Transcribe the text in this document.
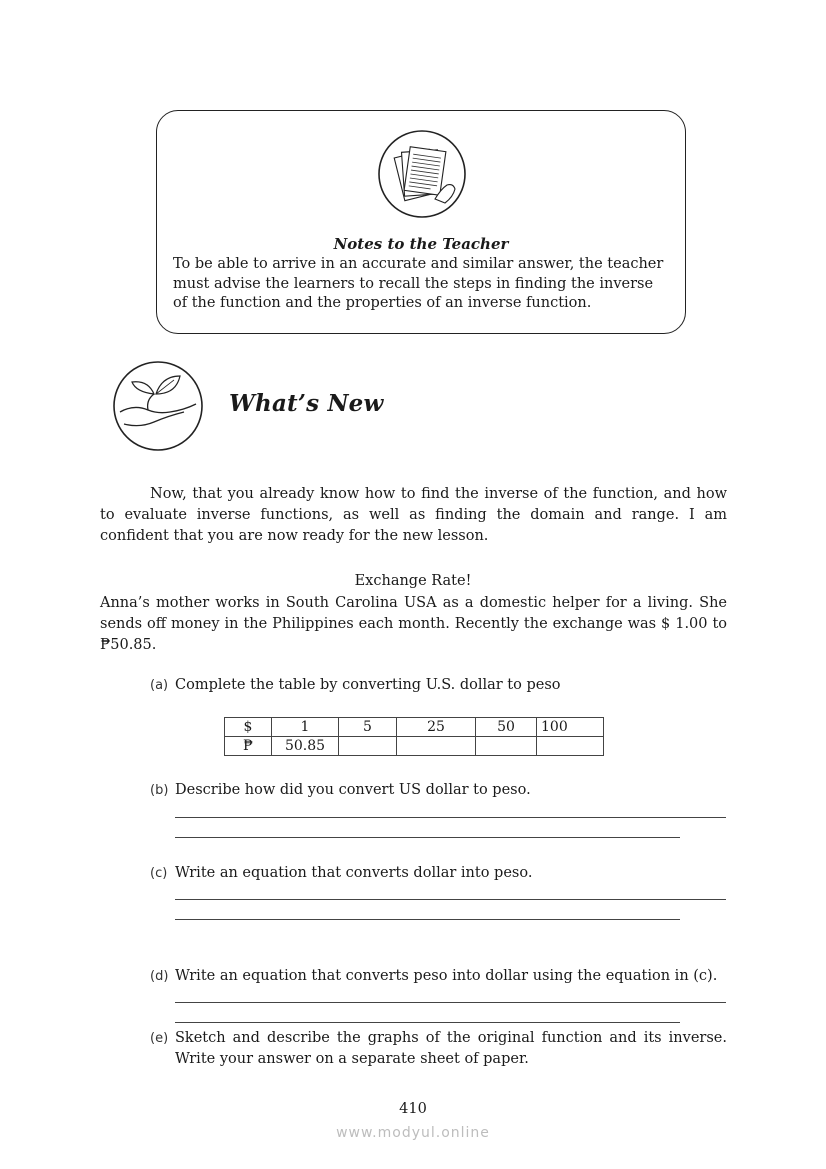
Notes to the Teacher
To be able to arrive in an accurate and similar answer, the teacher must advise the learners to recall the steps in finding the inverse of the function and the properties of an inverse function.
What’s New
Now, that you already know how to find the inverse of the function, and how to evaluate inverse functions, as well as finding the domain and range. I am confident that you are now ready for the new lesson.
Exchange Rate!
Anna’s mother works in South Carolina USA as a domestic helper for a living. She sends off money in the Philippines each month. Recently the exchange was $ 1.00 to ₱50.85.
(a) Complete the table by converting U.S. dollar to peso
$	1	5	25	50	100
₱	50.85				
(b) Describe how did you convert US dollar to peso.
(c) Write an equation that converts dollar into peso.
(d) Write an equation that converts peso into dollar using the equation in (c).
(e) Sketch and describe the graphs of the original function and its inverse. Write your answer on a separate sheet of paper.
410
www.modyul.online
